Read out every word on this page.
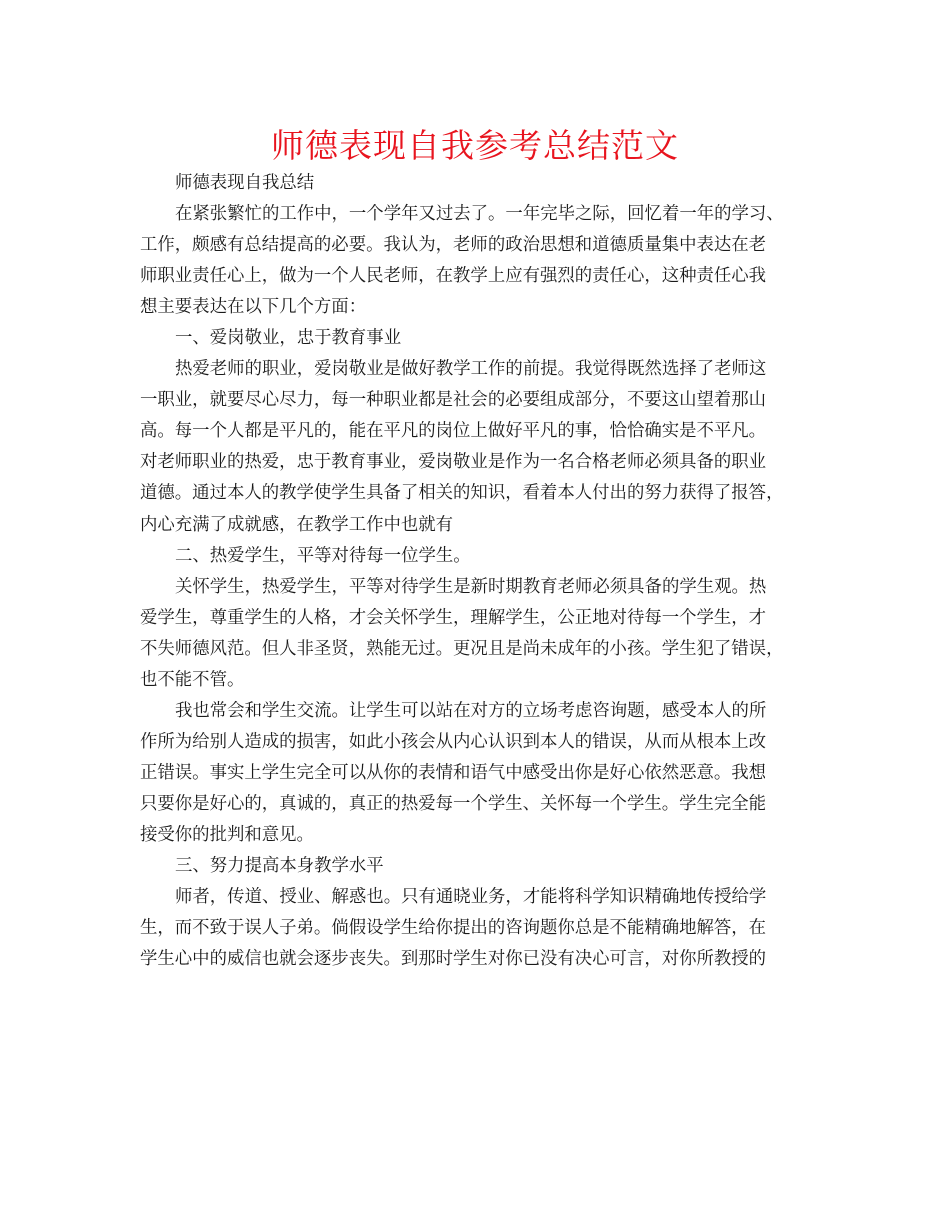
师德表现自我参考总结范文
师德表现自我总结
在紧张繁忙的工作中，一个学年又过去了。一年完毕之际，回忆着一年的学习、
工作，颇感有总结提高的必要。我认为，老师的政治思想和道德质量集中表达在老
师职业责任心上，做为一个人民老师，在教学上应有强烈的责任心，这种责任心我
想主要表达在以下几个方面：
一、爱岗敬业，忠于教育事业
热爱老师的职业，爱岗敬业是做好教学工作的前提。我觉得既然选择了老师这
一职业，就要尽心尽力，每一种职业都是社会的必要组成部分，不要这山望着那山
高。每一个人都是平凡的，能在平凡的岗位上做好平凡的事，恰恰确实是不平凡。
对老师职业的热爱，忠于教育事业，爱岗敬业是作为一名合格老师必须具备的职业
道德。通过本人的教学使学生具备了相关的知识，看着本人付出的努力获得了报答，
内心充满了成就感，在教学工作中也就有
二、热爱学生，平等对待每一位学生。
关怀学生，热爱学生，平等对待学生是新时期教育老师必须具备的学生观。热
爱学生，尊重学生的人格，才会关怀学生，理解学生，公正地对待每一个学生，才
不失师德风范。但人非圣贤，熟能无过。更况且是尚未成年的小孩。学生犯了错误，
也不能不管。
我也常会和学生交流。让学生可以站在对方的立场考虑咨询题，感受本人的所
作所为给别人造成的损害，如此小孩会从内心认识到本人的错误，从而从根本上改
正错误。事实上学生完全可以从你的表情和语气中感受出你是好心依然恶意。我想
只要你是好心的，真诚的，真正的热爱每一个学生、关怀每一个学生。学生完全能
接受你的批判和意见。
三、努力提高本身教学水平
师者，传道、授业、解惑也。只有通晓业务，才能将科学知识精确地传授给学
生，而不致于误人子弟。倘假设学生给你提出的咨询题你总是不能精确地解答，在
学生心中的威信也就会逐步丧失。到那时学生对你已没有决心可言，对你所教授的
